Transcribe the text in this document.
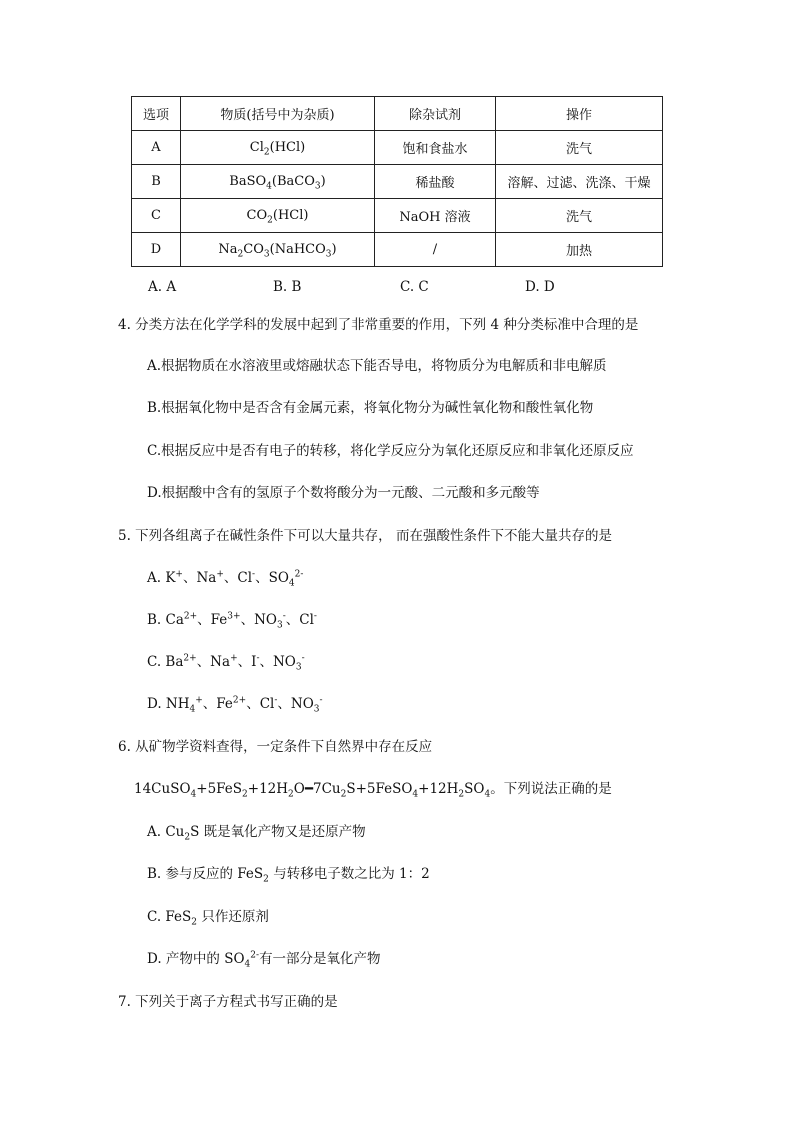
选项	物质(括号中为杂质)	除杂试剂	操作
A	$Cl_2(HCl)$	饱和食盐水	洗气
B	BaSO$_4$(BaCO$_3$)	稀盐酸	溶解、过滤、洗涤、干燥
C	$CO_2(HCl)$	NaOH 溶液	洗气
D	$Na_2CO_3(NaHCO_3)$	/	加热
A. A	B. B	C. C	D. D
4. 分类方法在化学学科的发展中起到了非常重要的作用，下列 4 种分类标准中合理的是
A.根据物质在水溶液里或熔融状态下能否导电，将物质分为电解质和非电解质
B.根据氧化物中是否含有金属元素，将氧化物分为碱性氧化物和酸性氧化物
C.根据反应中是否有电子的转移，将化学反应分为氧化还原反应和非氧化还原反应
D.根据酸中含有的氢原子个数将酸分为一元酸、二元酸和多元酸等
5. 下列各组离子在碱性条件下可以大量共存， 而在强酸性条件下不能大量共存的是
A. K+、Na+、Cl-、$SO_4^{2-}$
B. $Ca^{2+}$、$Fe^{3+}$、$NO_3^-$、Cl-
C. $Ba^{2+}$、Na+、I-、$NO_3^-$
D. $NH_4^+$、$Fe^{2+}$、Cl-、$NO_3^-$
6. 从矿物学资料查得，一定条件下自然界中存在反应
$14CuSO_4+5FeS_2+12H_2O━7Cu_2S+5FeSO_4+12H_2SO_4$。下列说法正确的是
A. $Cu_2S$ 既是氧化产物又是还原产物
B. 参与反应的 FeS$_2$ 与转移电子数之比为 1：2
C. FeS$_2$ 只作还原剂
D. 产物中的 $SO_4^{2-}$有一部分是氧化产物
7. 下列关于离子方程式书写正确的是
